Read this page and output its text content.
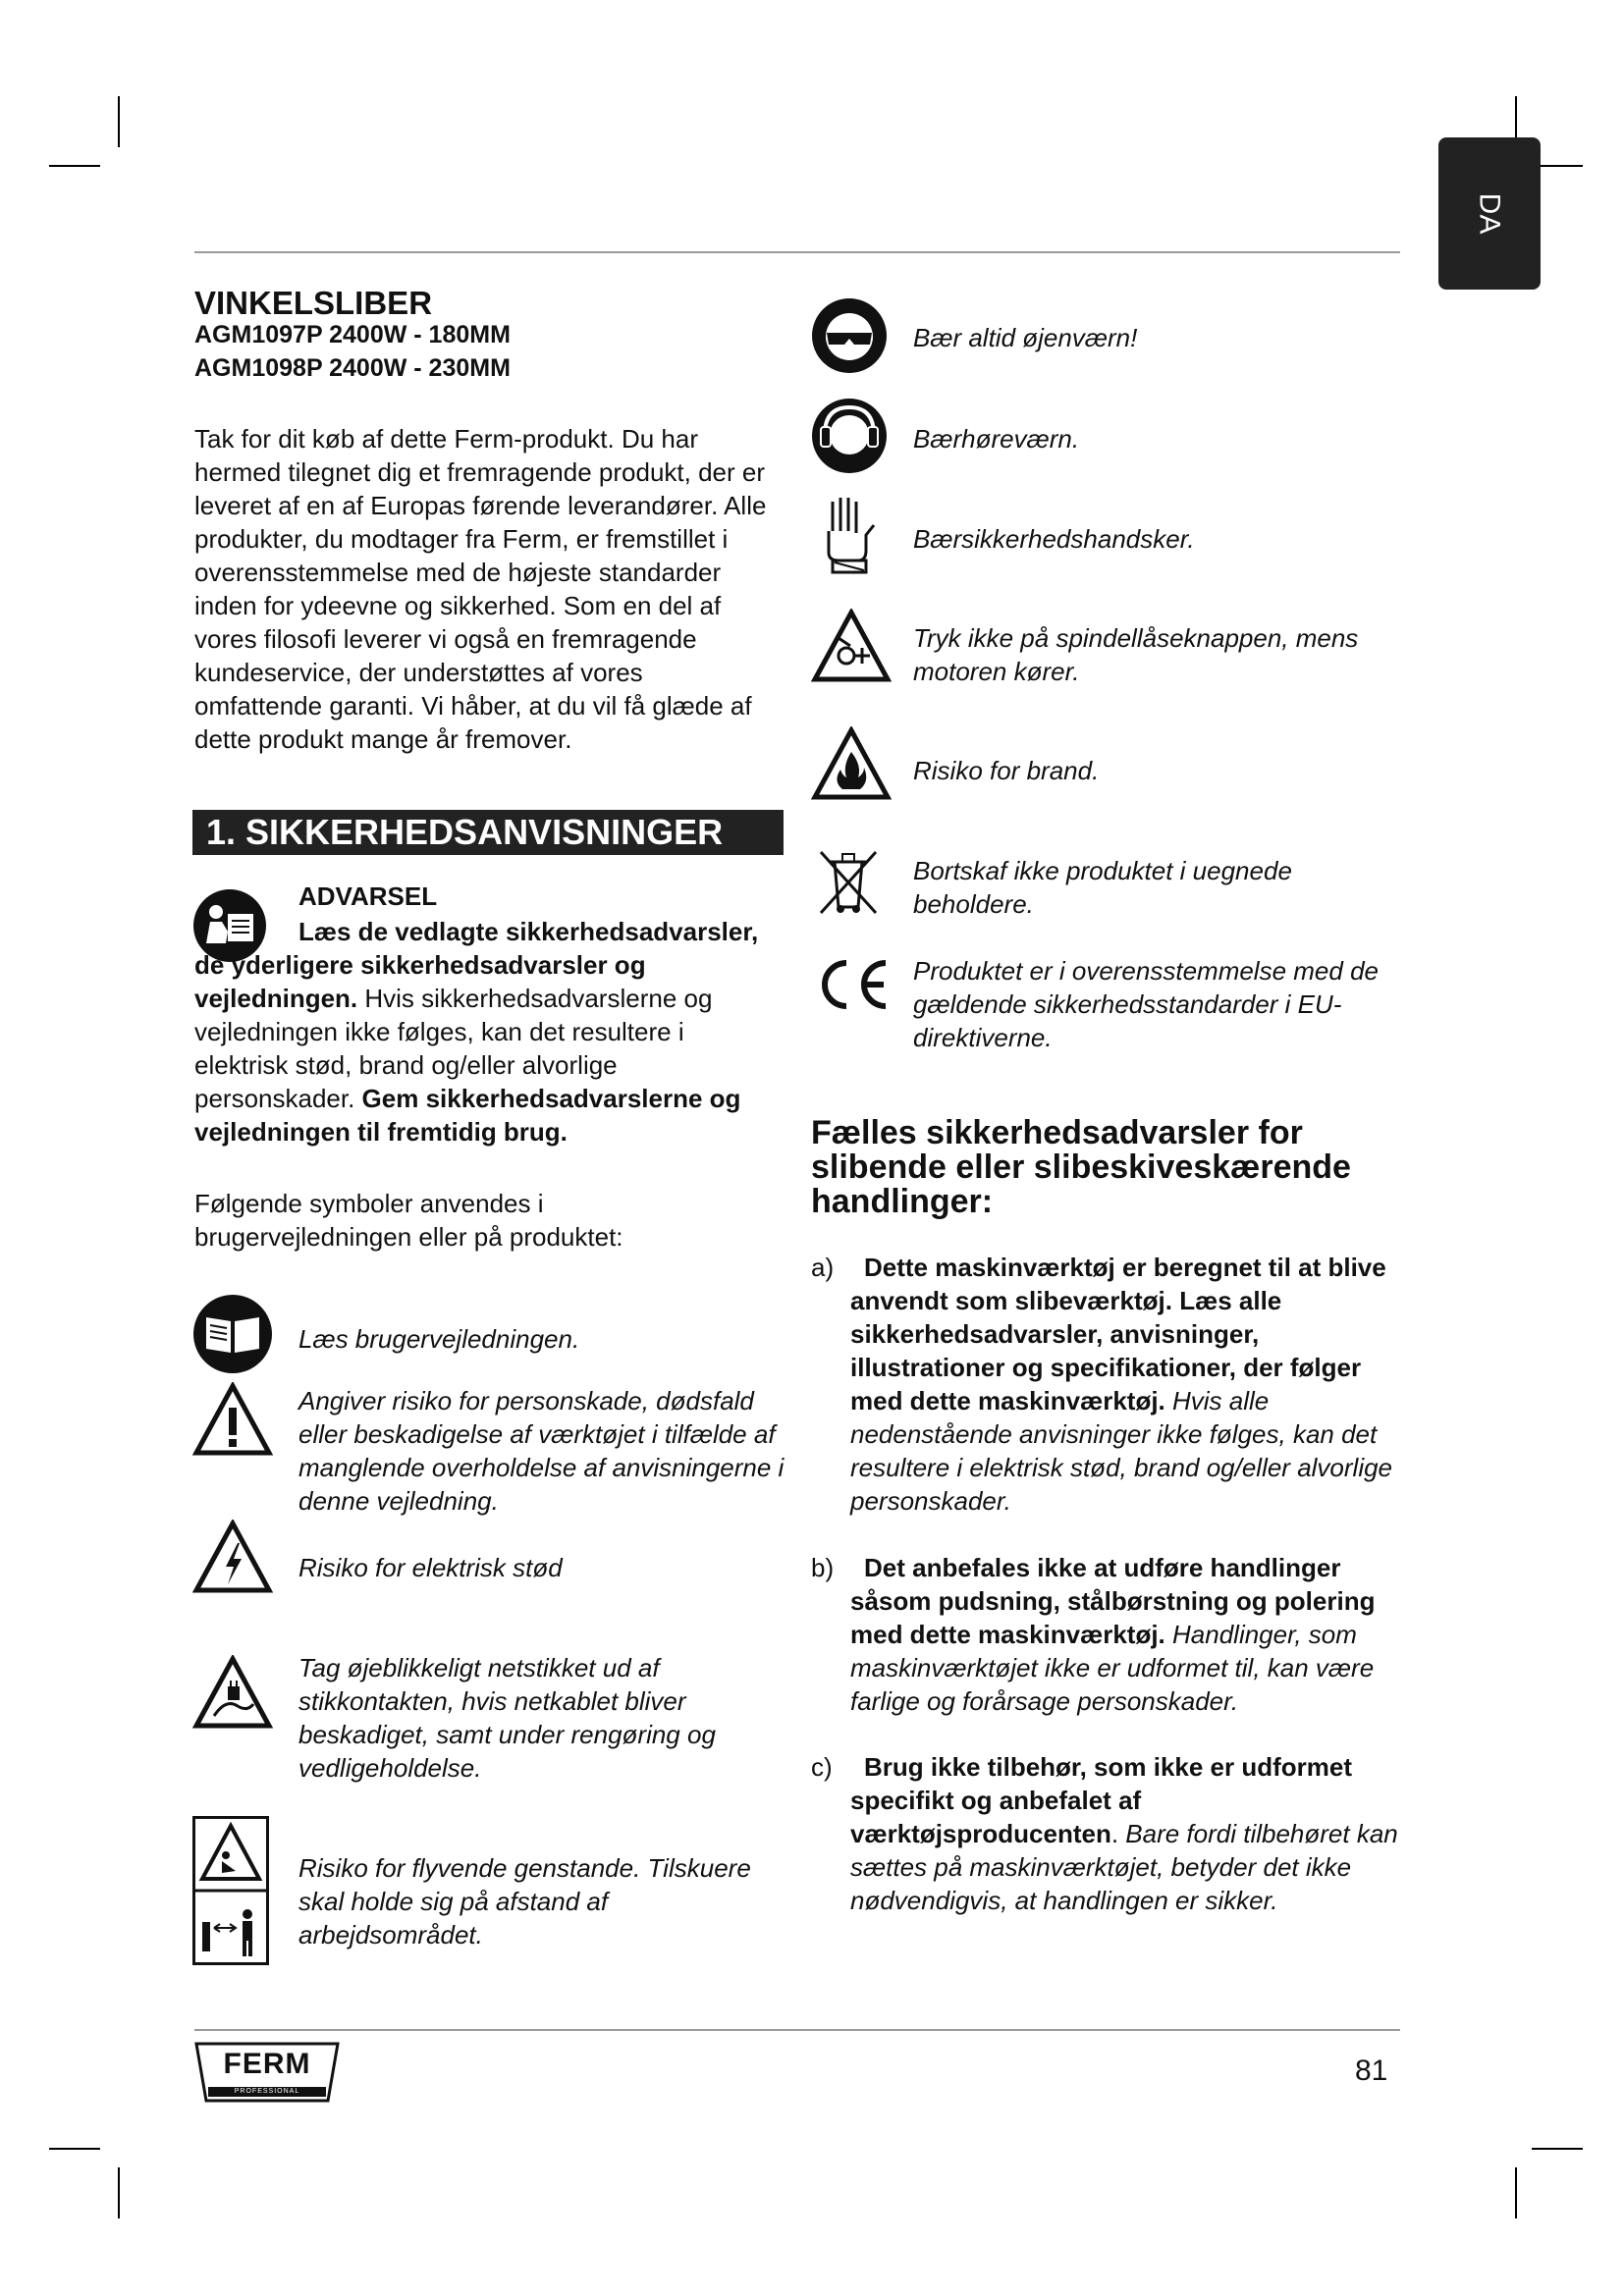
DA
VINKELSLIBER
AGM1097P 2400W - 180MM
AGM1098P 2400W - 230MM

Tak for dit køb af dette Ferm-produkt. Du har hermed tilegnet dig et fremragende produkt, der er leveret af en af Europas førende leverandører. Alle produkter, du modtager fra Ferm, er fremstillet i overensstemmelse med de højeste standarder inden for ydeevne og sikkerhed. Som en del af vores filosofi leverer vi også en fremragende kundeservice, der understøttes af vores omfattende garanti. Vi håber, at du vil få glæde af dette produkt mange år fremover.

1. SIKKERHEDSANVISNINGER
ADVARSEL
Læs de vedlagte sikkerhedsadvarsler, de yderligere sikkerhedsadvarsler og vejledningen. Hvis sikkerhedsadvarslerne og vejledningen ikke følges, kan det resultere i elektrisk stød, brand og/eller alvorlige personskader. Gem sikkerhedsadvarslerne og vejledningen til fremtidig brug.

Følgende symboler anvendes i brugervejledningen eller på produktet:

Læs brugervejledningen.
Angiver risiko for personskade, dødsfald eller beskadigelse af værktøjet i tilfælde af manglende overholdelse af anvisningerne i denne vejledning.
Risiko for elektrisk stød
Tag øjeblikkeligt netstikket ud af stikkontakten, hvis netkablet bliver beskadiget, samt under rengøring og vedligeholdelse.
Risiko for flyvende genstande. Tilskuere skal holde sig på afstand af arbejdsområdet.
Bær altid øjenværn!
Bærhøreværn.
Bærsikkerhedshandsker.
Tryk ikke på spindellåseknappen, mens motoren kører.
Risiko for brand.
Bortskaf ikke produktet i uegnede beholdere.
Produktet er i overensstemmelse med de gældende sikkerhedsstandarder i EU-direktiverne.
Fælles sikkerhedsadvarsler for slibende eller slibeskiveskærende handlinger:
a)	Dette maskinværktøj er beregnet til at blive anvendt som slibeværktøj. Læs alle sikkerhedsadvarsler, anvisninger, illustrationer og specifikationer, der følger med dette maskinværktøj. Hvis alle nedenstående anvisninger ikke følges, kan det resultere i elektrisk stød, brand og/eller alvorlige personskader.
b)	Det anbefales ikke at udføre handlinger såsom pudsning, stålbørstning og polering med dette maskinværktøj. Handlinger, som maskinværktøjet ikke er udformet til, kan være farlige og forårsage personskader.
c)	Brug ikke tilbehør, som ikke er udformet specifikt og anbefalet af værktøjsproducenten. Bare fordi tilbehøret kan sættes på maskinværktøjet, betyder det ikke nødvendigvis, at handlingen er sikker.
FERM
PROFESSIONAL
81
